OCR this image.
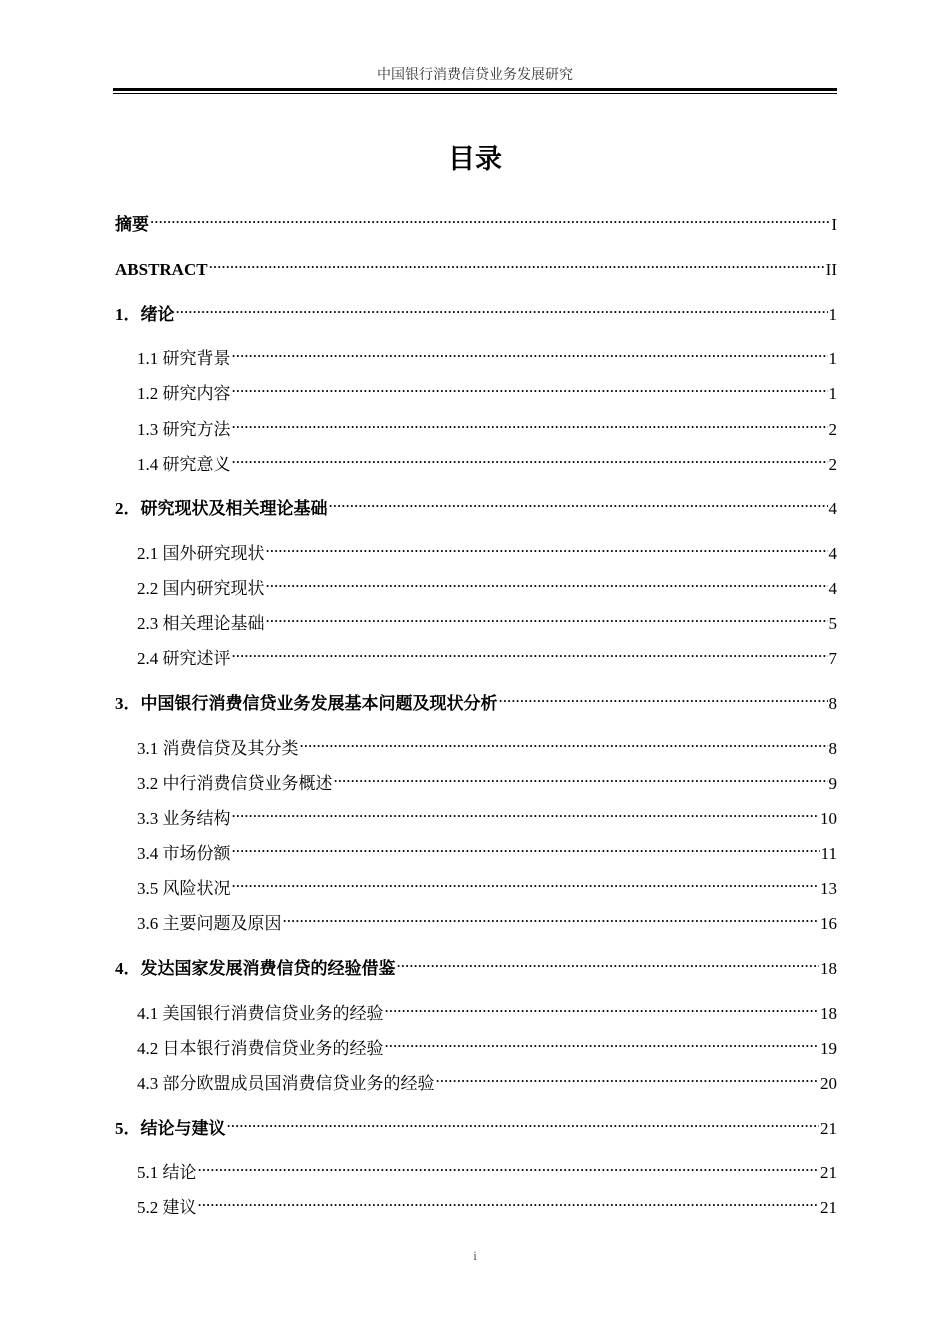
中国银行消费信贷业务发展研究
目录
摘要 .....	I
ABSTRACT .....	II
1．绪论 .....	1
1.1 研究背景 .....	1
1.2 研究内容 .....	1
1.3 研究方法 .....	2
1.4 研究意义 .....	2
2．研究现状及相关理论基础 .....	4
2.1 国外研究现状 .....	4
2.2 国内研究现状 .....	4
2.3 相关理论基础 .....	5
2.4 研究述评 .....	7
3．中国银行消费信贷业务发展基本问题及现状分析 .....	8
3.1 消费信贷及其分类 .....	8
3.2 中行消费信贷业务概述 .....	9
3.3 业务结构 .....	10
3.4 市场份额 .....	11
3.5 风险状况 .....	13
3.6 主要问题及原因 .....	16
4．发达国家发展消费信贷的经验借鉴 .....	18
4.1 美国银行消费信贷业务的经验 .....	18
4.2 日本银行消费信贷业务的经验 .....	19
4.3 部分欧盟成员国消费信贷业务的经验 .....	20
5．结论与建议 .....	21
5.1 结论 .....	21
5.2 建议 .....	21
i
